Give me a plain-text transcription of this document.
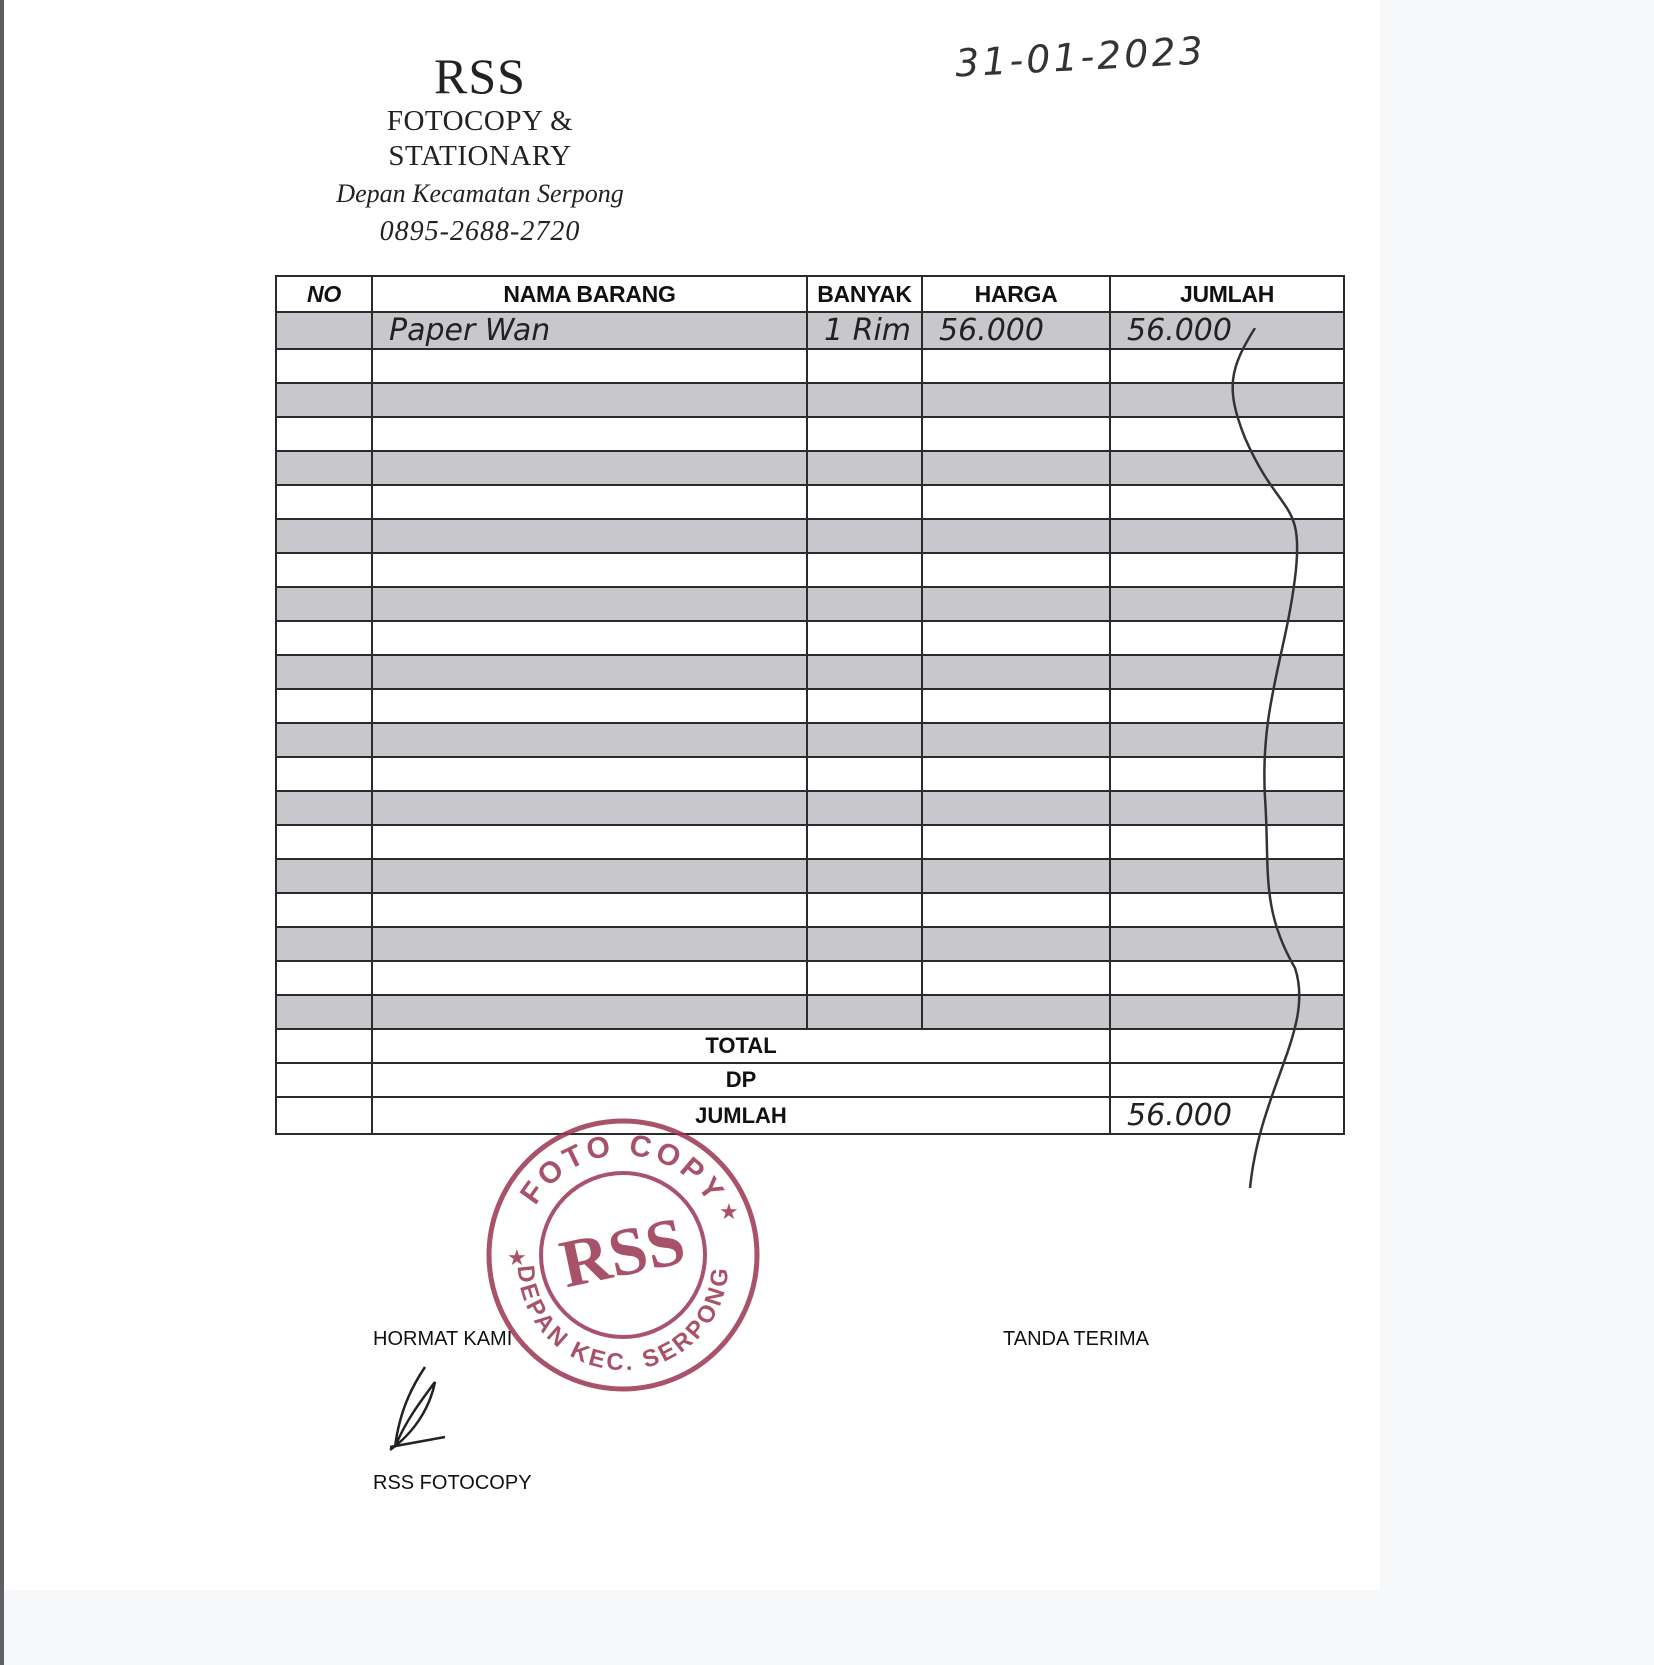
RSS
FOTOCOPY &
STATIONARY
Depan Kecamatan Serpong
0895-2688-2720
31-01-2023
NO	NAMA BARANG	BANYAK	HARGA	JUMLAH
	Paper Wan	1 Rim	56.000	56.000

	TOTAL			
	DP			
	JUMLAH			56.000
FOTO COPY
DEPAN KEC. SERPONG
RSS
★
★
HORMAT KAMI	TANDA TERIMA
RSS FOTOCOPY
